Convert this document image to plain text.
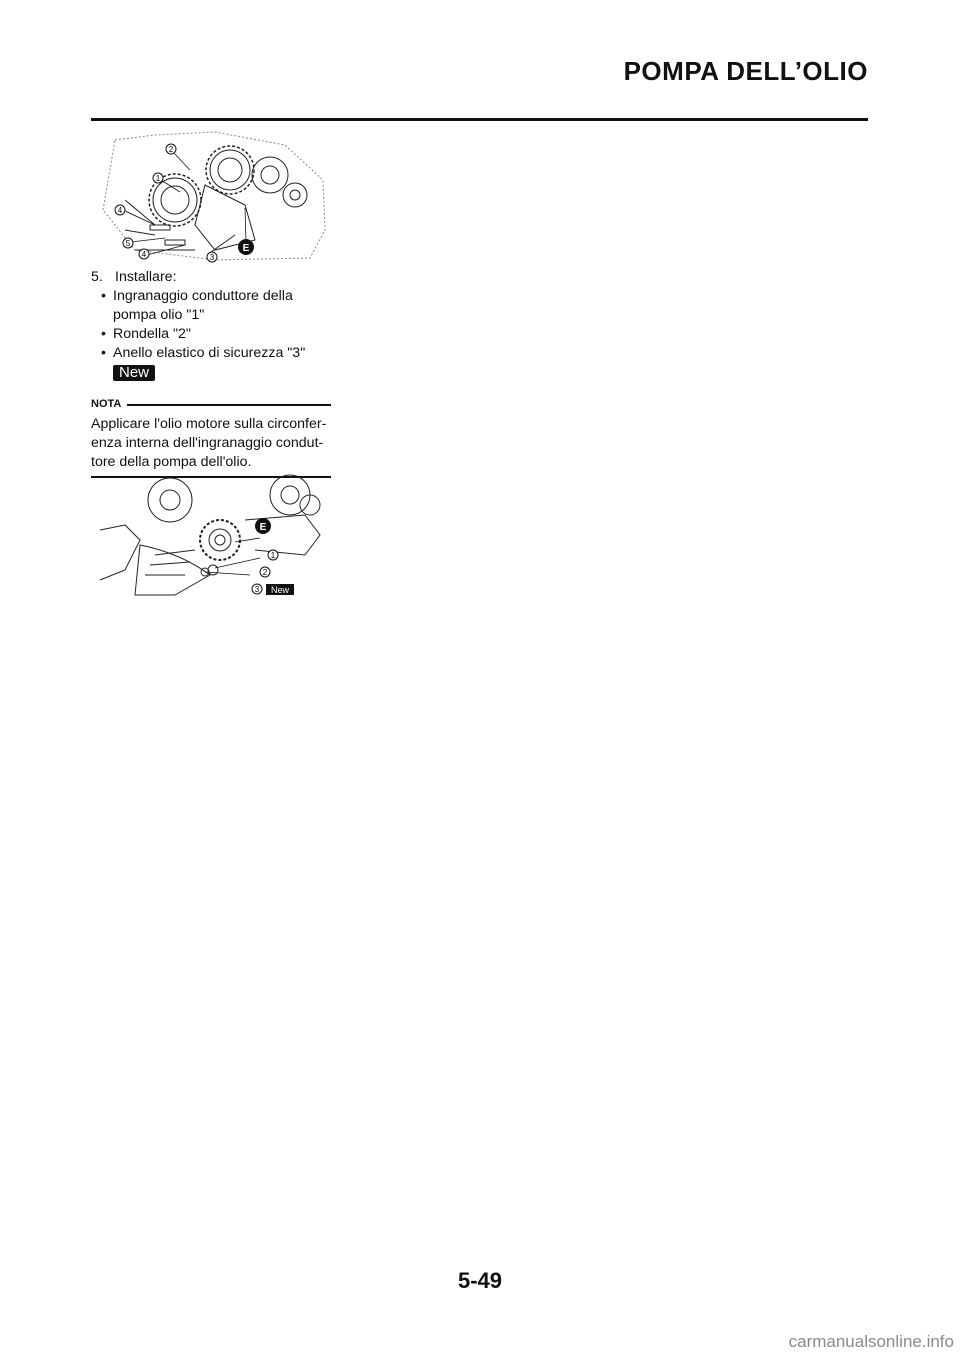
POMPA DELL’OLIO
2
1
4
5
4	3
E

5. Installare:

• Ingranaggio conduttore della pompa olio "1"
• Rondella "2"
• Anello elastico di sicurezza "3"
New
NOTA
Applicare l'olio motore sulla circonfer-enza interna dell'ingranaggio condut-tore della pompa dell'olio.
E
1
2
3 New
5-49
carmanualsonline.info
